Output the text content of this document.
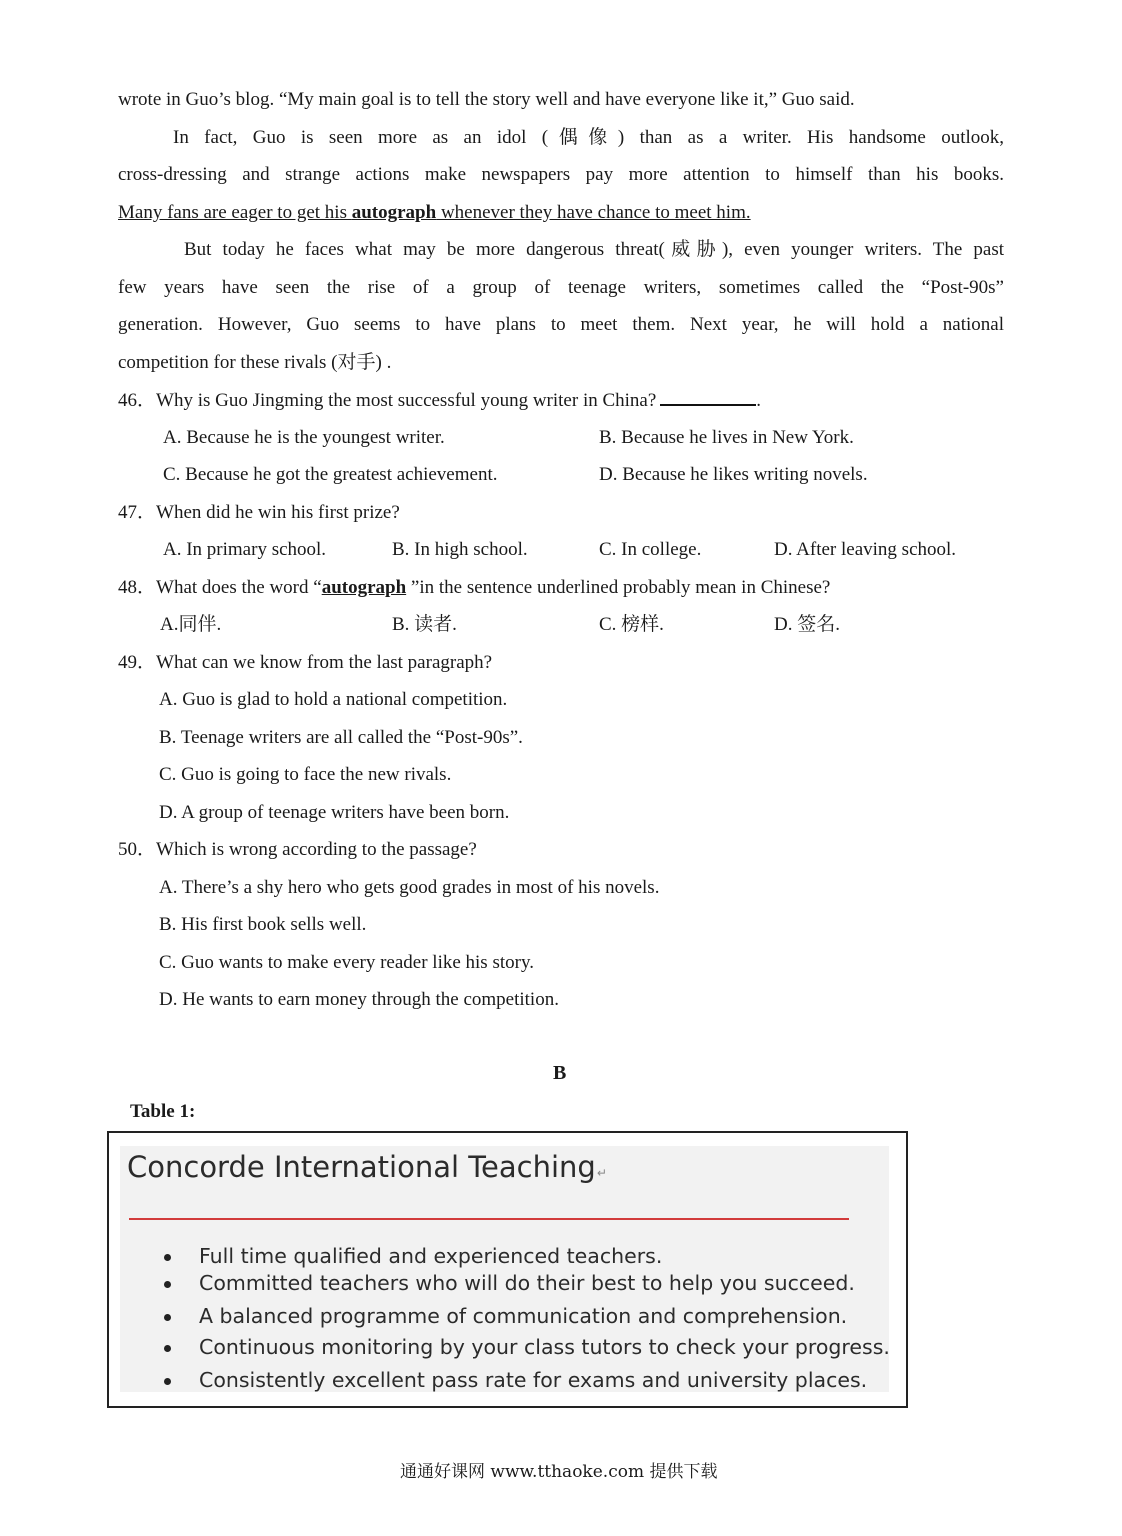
wrote in Guo’s blog. “My main goal is to tell the story well and have everyone like it,” Guo said.
In fact, Guo is seen more as an idol (偶像) than as a writer. His handsome outlook,
cross-dressing and strange actions make newspapers pay more attention to himself than his books.
Many fans are eager to get his autograph whenever they have chance to meet him.
But today he faces what may be more dangerous threat(威胁), even younger writers. The past
few years have seen the rise of a group of teenage writers, sometimes called the “Post-90s”
generation. However, Guo seems to have plans to meet them. Next year, he will hold a national
competition for these rivals (对手) .
46．Why is Guo Jingming the most successful young writer in China?	.
A. Because he is the youngest writer.	B. Because he lives in New York.
C. Because he got the greatest achievement.	D. Because he likes writing novels.
47．When did he win his first prize?
A. In primary school.	B. In high school.	C. In college.	D. After leaving school.
48．What does the word “autograph ”in the sentence underlined probably mean in Chinese?
A.同伴.	B. 读者.	C. 榜样.	D. 签名.
49．What can we know from the last paragraph?
A. Guo is glad to hold a national competition.
B. Teenage writers are all called the “Post-90s”.
C. Guo is going to face the new rivals.
D. A group of teenage writers have been born.
50．Which is wrong according to the passage?
A. There’s a shy hero who gets good grades in most of his novels.
B. His first book sells well.
C. Guo wants to make every reader like his story.
D. He wants to earn money through the competition.
B
Table 1:
Concorde International Teaching↵
Full time qualified and experienced teachers.
Committed teachers who will do their best to help you succeed.
A balanced programme of communication and comprehension.
Continuous monitoring by your class tutors to check your progress.
Consistently excellent pass rate for exams and university places.
通通好课网 www.tthaoke.com 提供下载
